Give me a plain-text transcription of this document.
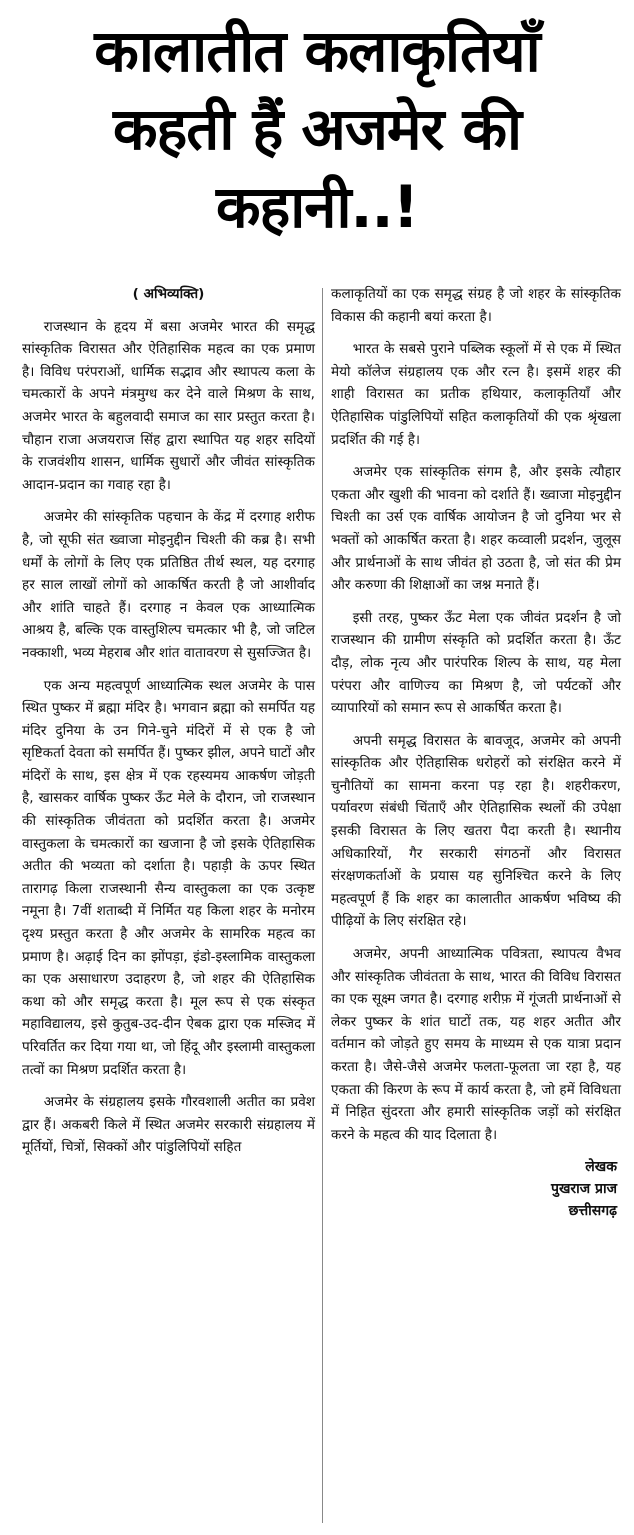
कालातीत कलाकृतियाँ
कहती हैं अजमेर की
कहानी..!

( अभिव्यक्ति)

राजस्थान के हृदय में बसा अजमेर भारत की समृद्ध सांस्कृतिक विरासत और ऐतिहासिक महत्व का एक प्रमाण है। विविध परंपराओं, धार्मिक सद्भाव और स्थापत्य कला के चमत्कारों के अपने मंत्रमुग्ध कर देने वाले मिश्रण के साथ, अजमेर भारत के बहुलवादी समाज का सार प्रस्तुत करता है। चौहान राजा अजयराज सिंह द्वारा स्थापित यह शहर सदियों के राजवंशीय शासन, धार्मिक सुधारों और जीवंत सांस्कृतिक आदान-प्रदान का गवाह रहा है।

अजमेर की सांस्कृतिक पहचान के केंद्र में दरगाह शरीफ है, जो सूफी संत ख्वाजा मोइनुद्दीन चिश्ती की कब्र है। सभी धर्मों के लोगों के लिए एक प्रतिष्ठित तीर्थ स्थल, यह दरगाह हर साल लाखों लोगों को आकर्षित करती है जो आशीर्वाद और शांति चाहते हैं। दरगाह न केवल एक आध्यात्मिक आश्रय है, बल्कि एक वास्तुशिल्प चमत्कार भी है, जो जटिल नक्काशी, भव्य मेहराब और शांत वातावरण से सुसज्जित है।

एक अन्य महत्वपूर्ण आध्यात्मिक स्थल अजमेर के पास स्थित पुष्कर में ब्रह्मा मंदिर है। भगवान ब्रह्मा को समर्पित यह मंदिर दुनिया के उन गिने-चुने मंदिरों में से एक है जो सृष्टिकर्ता देवता को समर्पित हैं। पुष्कर झील, अपने घाटों और मंदिरों के साथ, इस क्षेत्र में एक रहस्यमय आकर्षण जोड़ती है, खासकर वार्षिक पुष्कर ऊँट मेले के दौरान, जो राजस्थान की सांस्कृतिक जीवंतता को प्रदर्शित करता है। अजमेर वास्तुकला के चमत्कारों का खजाना है जो इसके ऐतिहासिक अतीत की भव्यता को दर्शाता है। पहाड़ी के ऊपर स्थित तारागढ़ किला राजस्थानी सैन्य वास्तुकला का एक उत्कृष्ट नमूना है। 7वीं शताब्दी में निर्मित यह किला शहर के मनोरम दृश्य प्रस्तुत करता है और अजमेर के सामरिक महत्व का प्रमाण है। अढ़ाई दिन का झोंपड़ा, इंडो-इस्लामिक वास्तुकला का एक असाधारण उदाहरण है, जो शहर की ऐतिहासिक कथा को और समृद्ध करता है। मूल रूप से एक संस्कृत महाविद्यालय, इसे कुतुब-उद-दीन ऐबक द्वारा एक मस्जिद में परिवर्तित कर दिया गया था, जो हिंदू और इस्लामी वास्तुकला तत्वों का मिश्रण प्रदर्शित करता है।

अजमेर के संग्रहालय इसके गौरवशाली अतीत का प्रवेश द्वार हैं। अकबरी किले में स्थित अजमेर सरकारी संग्रहालय में मूर्तियों, चित्रों, सिक्कों और पांडुलिपियों सहित

कलाकृतियों का एक समृद्ध संग्रह है जो शहर के सांस्कृतिक विकास की कहानी बयां करता है।

भारत के सबसे पुराने पब्लिक स्कूलों में से एक में स्थित मेयो कॉलेज संग्रहालय एक और रत्न है। इसमें शहर की शाही विरासत का प्रतीक हथियार, कलाकृतियाँ और ऐतिहासिक पांडुलिपियों सहित कलाकृतियों की एक श्रृंखला प्रदर्शित की गई है।

अजमेर एक सांस्कृतिक संगम है, और इसके त्यौहार एकता और खुशी की भावना को दर्शाते हैं। ख्वाजा मोइनुद्दीन चिश्ती का उर्स एक वार्षिक आयोजन है जो दुनिया भर से भक्तों को आकर्षित करता है। शहर कव्वाली प्रदर्शन, जुलूस और प्रार्थनाओं के साथ जीवंत हो उठता है, जो संत की प्रेम और करुणा की शिक्षाओं का जश्न मनाते हैं।

इसी तरह, पुष्कर ऊँट मेला एक जीवंत प्रदर्शन है जो राजस्थान की ग्रामीण संस्कृति को प्रदर्शित करता है। ऊँट दौड़, लोक नृत्य और पारंपरिक शिल्प के साथ, यह मेला परंपरा और वाणिज्य का मिश्रण है, जो पर्यटकों और व्यापारियों को समान रूप से आकर्षित करता है।

अपनी समृद्ध विरासत के बावजूद, अजमेर को अपनी सांस्कृतिक और ऐतिहासिक धरोहरों को संरक्षित करने में चुनौतियों का सामना करना पड़ रहा है। शहरीकरण, पर्यावरण संबंधी चिंताएँ और ऐतिहासिक स्थलों की उपेक्षा इसकी विरासत के लिए खतरा पैदा करती है। स्थानीय अधिकारियों, गैर सरकारी संगठनों और विरासत संरक्षणकर्ताओं के प्रयास यह सुनिश्चित करने के लिए महत्वपूर्ण हैं कि शहर का कालातीत आकर्षण भविष्य की पीढ़ियों के लिए संरक्षित रहे।

अजमेर, अपनी आध्यात्मिक पवित्रता, स्थापत्य वैभव और सांस्कृतिक जीवंतता के साथ, भारत की विविध विरासत का एक सूक्ष्म जगत है। दरगाह शरीफ़ में गूंजती प्रार्थनाओं से लेकर पुष्कर के शांत घाटों तक, यह शहर अतीत और वर्तमान को जोड़ते हुए समय के माध्यम से एक यात्रा प्रदान करता है। जैसे-जैसे अजमेर फलता-फूलता जा रहा है, यह एकता की किरण के रूप में कार्य करता है, जो हमें विविधता में निहित सुंदरता और हमारी सांस्कृतिक जड़ों को संरक्षित करने के महत्व की याद दिलाता है।

लेखक
पुखराज प्राज
छत्तीसगढ़
